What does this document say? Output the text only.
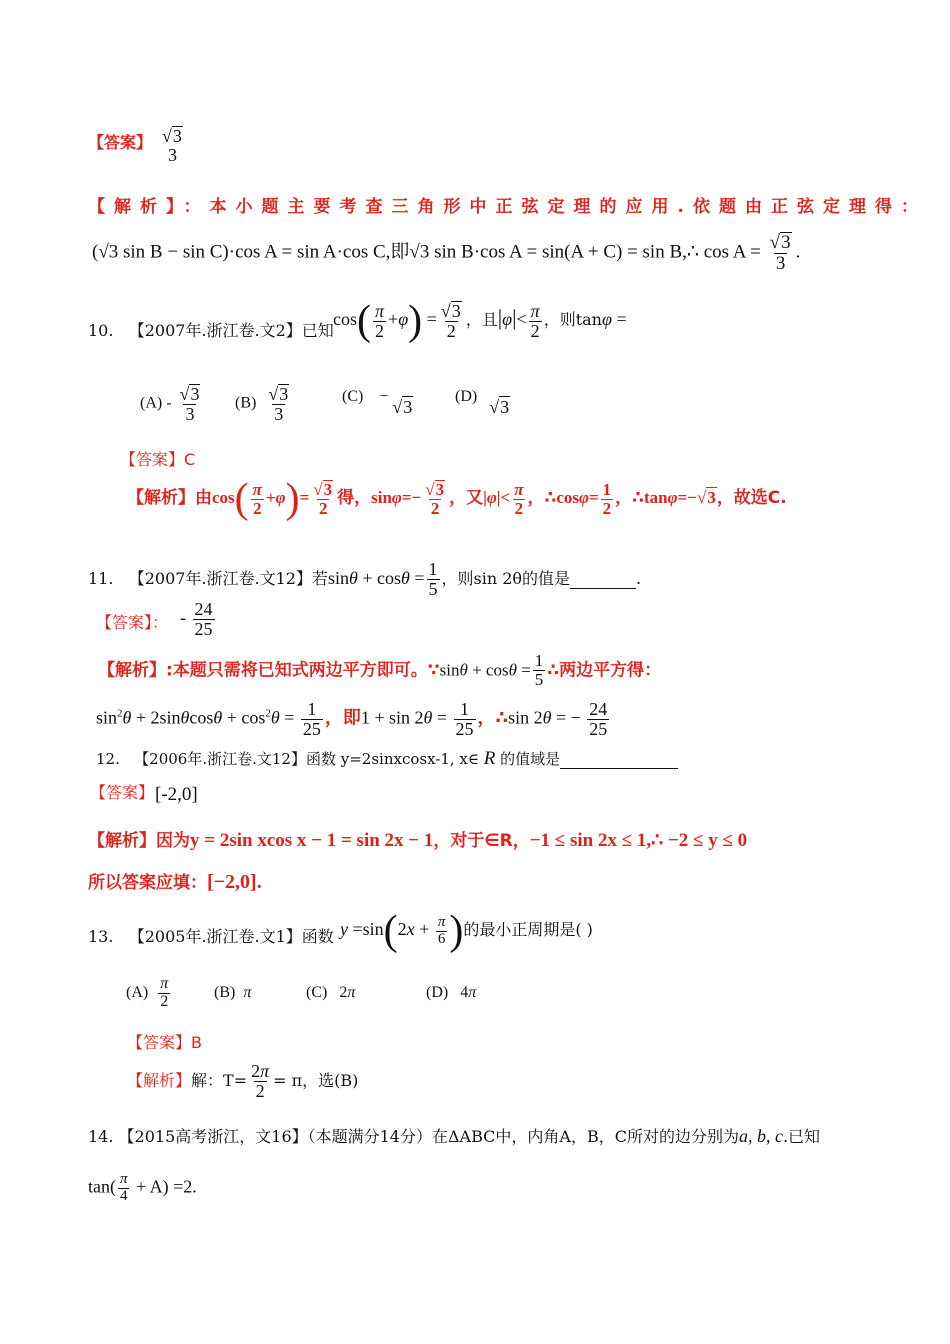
【答案】 √3
3
【解析】：本小题主要考查三角形中正弦定理的应用.依题由正弦定理得：
(√3 sin B − sin C)·cos A = sin A·cos C,即√3 sin B·cos A = sin(A + C) = sin B,∴ $\cos A = \frac{√3}{3}$ .
10. 【2007年.浙江卷.文2】已知
$\cos( \frac{\pi}{2} +\varphi) = \frac{√3}{2}$ ，且$|\varphi|< \frac{\pi}{2}$ ，则tanφ =
$(A) - \frac{√3}{3} (B) \frac{√3}{3}$	(C)    − √3
(D)   √3
【答案】C
【解析】由$\cos( \frac{\pi}{2} +\varphi)= \frac{√3}{2}$ 得，$\sin\varphi=- \frac{√3}{2}$ ，又$|\varphi|< \frac{\pi}{2}$ ，∴cosφ= $\frac{1}{2}$ ，∴tanφ=−√3，故选C.
11. 【2007年.浙江卷.文12】若$\sin\theta + \cos\theta = \frac{1}{5}$ ，则sin 2θ的值是	.
【答案】： - $\frac{24}{25}$
【解析】:本题只需将已知式两边平方即可。∵sinθ + $\cos\theta = \frac{1}{5}$ ∴两边平方得：
$\sin^2\theta + 2\sin\theta\cos\theta + \cos^2\theta = \frac{1}{25}$ ，即$1 + \sin 2\theta = \frac{1}{25}$ ，∴sin 2θ = − $\frac{24}{25}$
12. 【2006年.浙江卷.文12】函数 y=2sinxcosx-1, x∈ R 的值域是
【答案】 [-2,0]
【解析】因为y = 2sin xcos x − 1 = sin 2x − 1，对于∈R，−1 ≤ sin 2x ≤ 1,∴ −2 ≤ y ≤ 0
所以答案应填：[−2,0].
13. 【2005年.浙江卷.文1】函数 $y =\sin(2x + \frac{\pi}{6}$ )的最小正周期是( )
$(A) \frac{\pi}{2}$	(B) π	(C)   2π	(D)   4π
【答案】B
【解析】解：$T= \frac{2\pi}{2} = \pi$，选(B)
14. 【2015高考浙江，文16】（本题满分14分）在ΔABC中，内角A，B，C所对的边分别为a, b, c.已知
$\tan( \frac{\pi}{4} + A) =2$.
